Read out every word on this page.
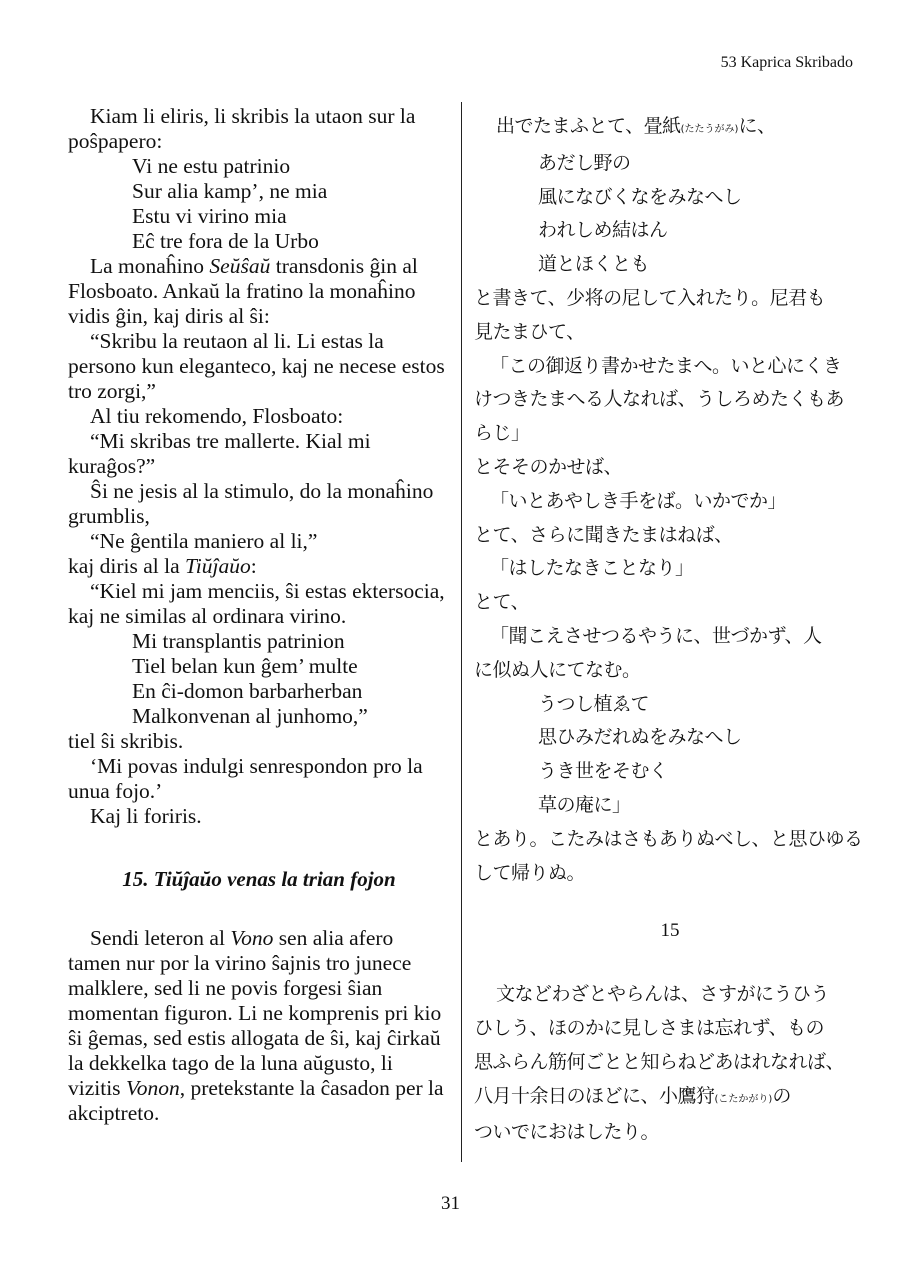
53 Kaprica Skribado

Kiam li eliris, li skribis la utaon sur la poŝpapero:

Vi ne estu patrinio

Sur alia kamp’, ne mia

Estu vi virino mia

Eĉ tre fora de la Urbo

La monaĥino Seŭŝaŭ transdonis ĝin al Flosboato. Ankaŭ la fratino la monaĥino vidis ĝin, kaj diris al ŝi:

“Skribu la reutaon al li. Li estas la persono kun eleganteco, kaj ne necese estos tro zorgi,”

Al tiu rekomendo, Flosboato:

“Mi skribas tre mallerte. Kial mi kuraĝos?”

Ŝi ne jesis al la stimulo, do la monaĥino grumblis,

“Ne ĝentila maniero al li,”

kaj diris al la Tiŭĵaŭo:

“Kiel mi jam menciis, ŝi estas ektersocia, kaj ne similas al ordinara virino.

Mi transplantis patrinion

Tiel belan kun ĝem’ multe

En ĉi-domon barbarherban

Malkonvenan al junhomo,”

tiel ŝi skribis.

‘Mi povas indulgi senrespondon pro la unua fojo.’

Kaj li foriris.

15. Tiŭĵaŭo venas la trian fojon

Sendi leteron al Vono sen alia afero tamen nur por la virino ŝajnis tro junece malklere, sed li ne povis forgesi ŝian momentan figuron. Li ne komprenis pri kio ŝi ĝemas, sed estis allogata de ŝi, kaj ĉirkaŭ la dekkelka tago de la luna aŭgusto, li vizitis Vonon, pretekstante la ĉasadon per la akciptreto.

出でたまふとて、畳紙(たたうがみ)に、

あだし野の

風になびくなをみなへし

われしめ結はん

道とほくとも

と書きて、少将の尼して入れたり。尼君も

見たまひて、

「この御返り書かせたまへ。いと心にくき

けつきたまへる人なれば、うしろめたくもあ

らじ」

とそそのかせば、

「いとあやしき手をば。いかでか」

とて、さらに聞きたまはねば、

「はしたなきことなり」

とて、

「聞こえさせつるやうに、世づかず、人

に似ぬ人にてなむ。

うつし植ゑて

思ひみだれぬをみなへし

うき世をそむく

草の庵に」

とあり。こたみはさもありぬべし、と思ひゆる

して帰りぬ。

15

文などわざとやらんは、さすがにうひう

ひしう、ほのかに見しさまは忘れず、もの

思ふらん筋何ごとと知らねどあはれなれば、

八月十余日のほどに、小鷹狩(こたかがり)の

ついでにおはしたり。

31
